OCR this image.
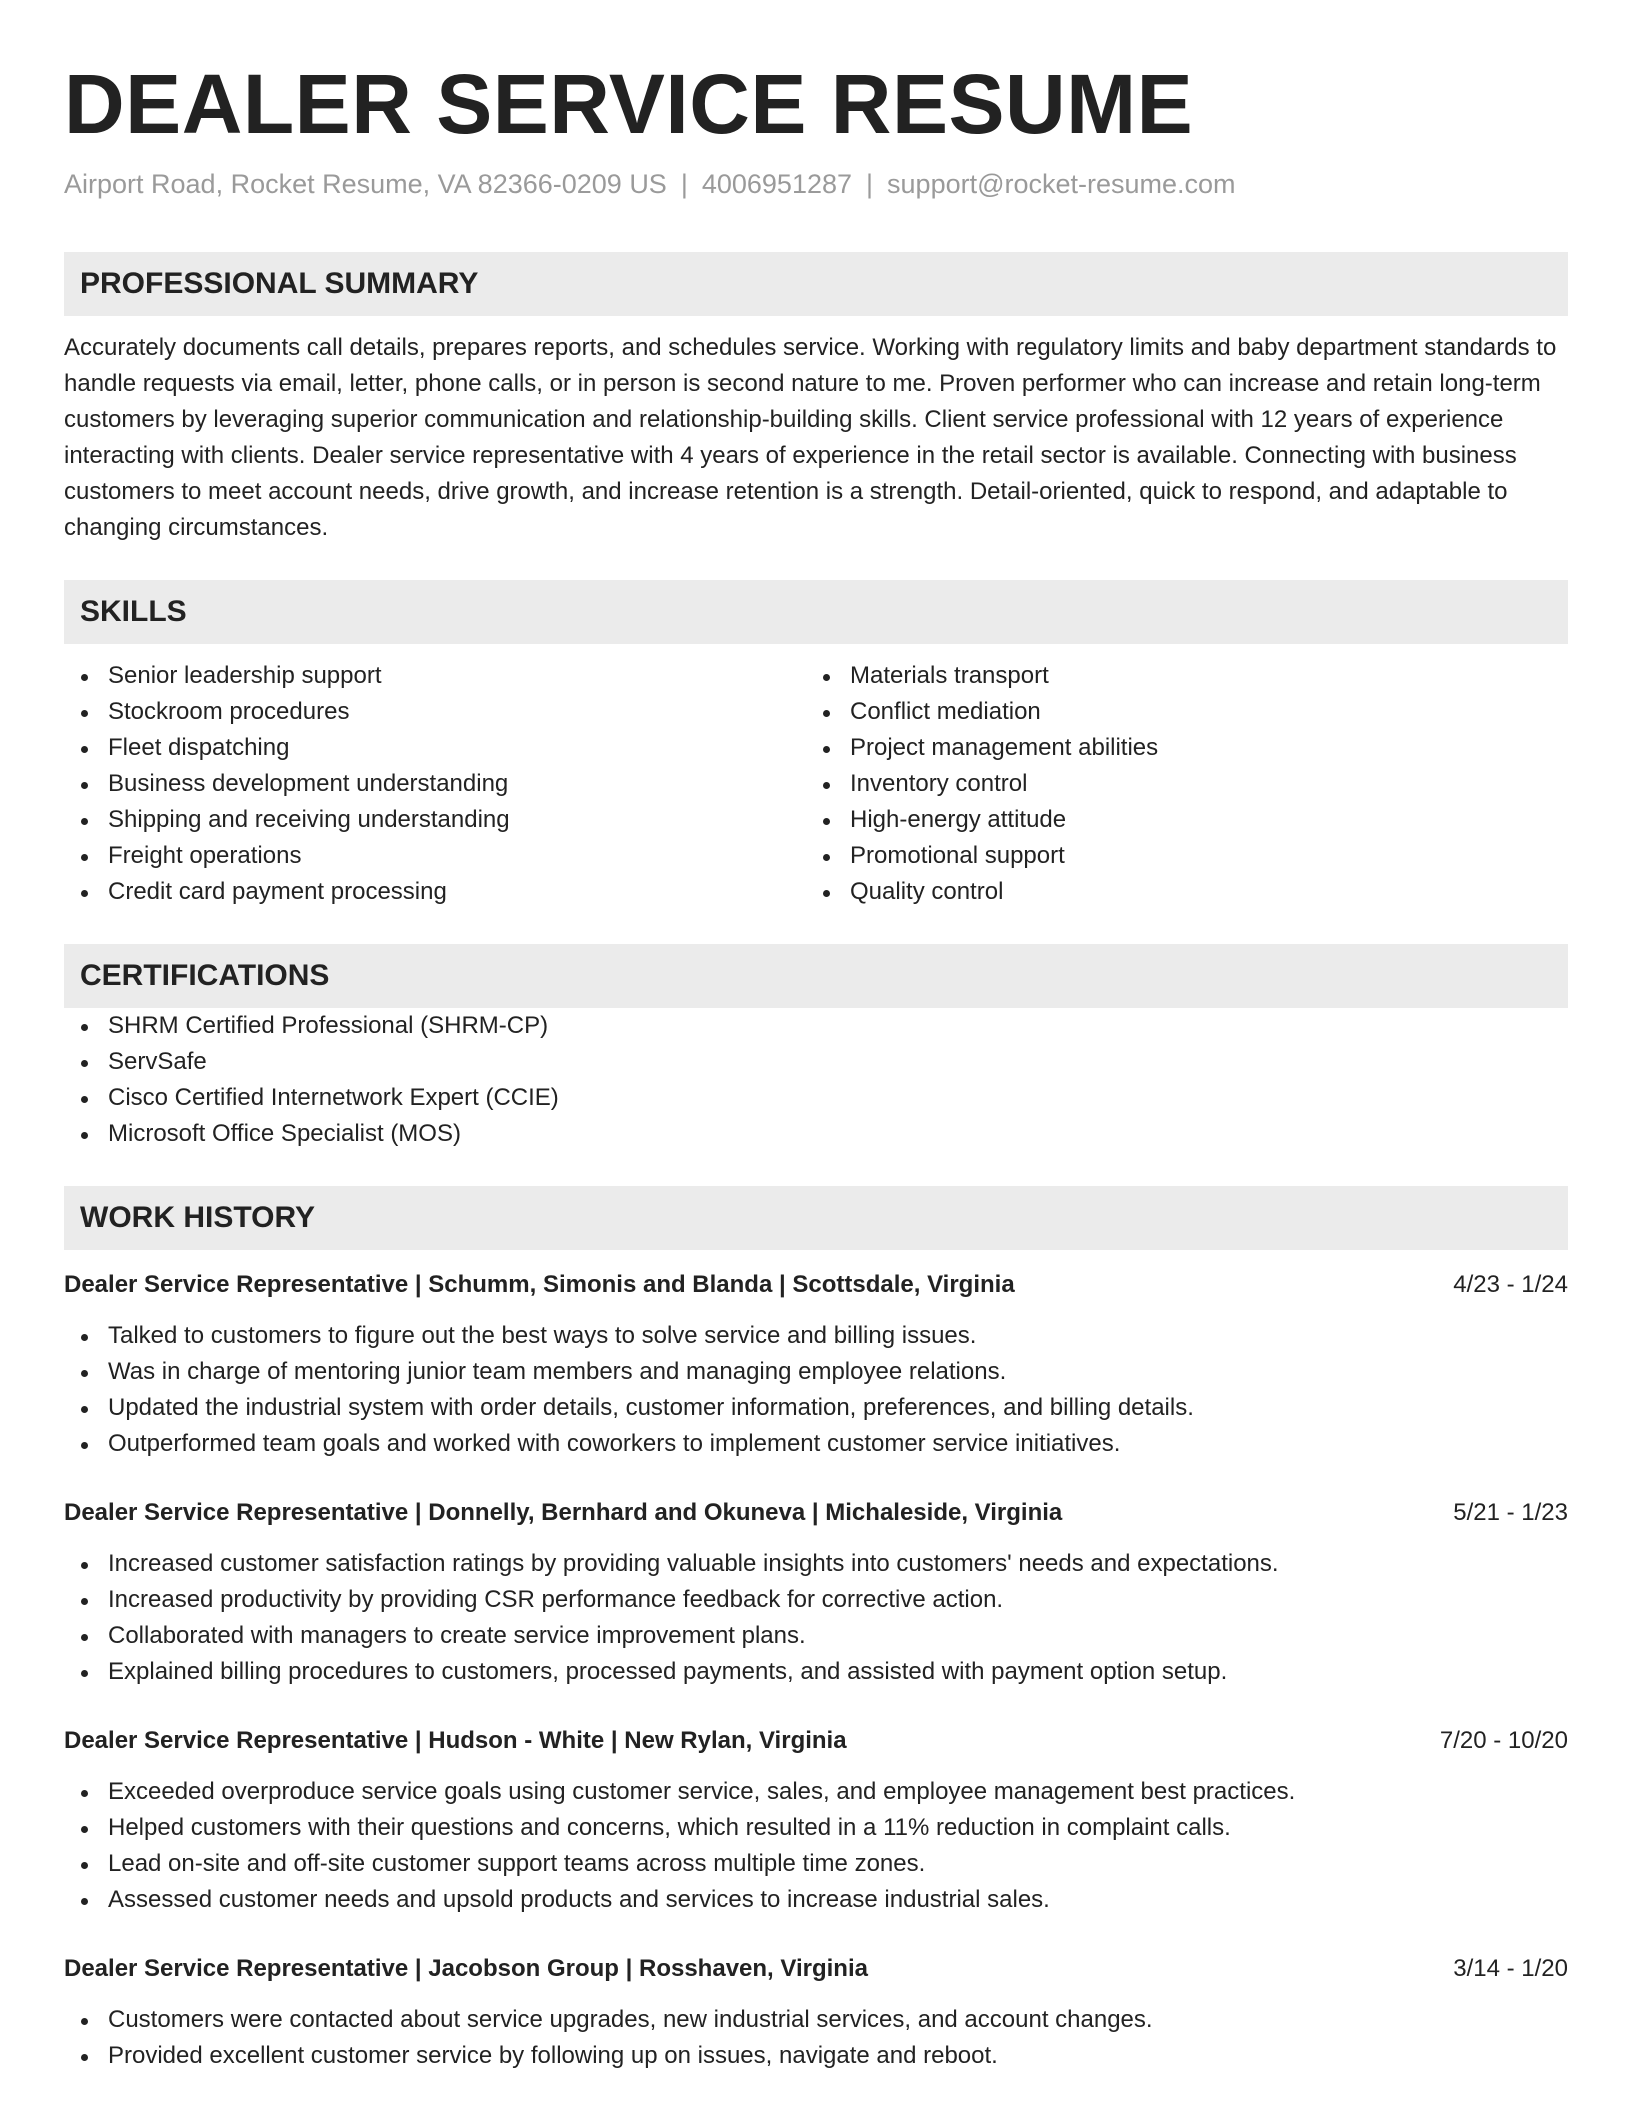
DEALER SERVICE RESUME
Airport Road, Rocket Resume, VA 82366-0209 US | 4006951287 | support@rocket-resume.com
PROFESSIONAL SUMMARY

Accurately documents call details, prepares reports, and schedules service. Working with regulatory limits and baby department standards to handle requests via email, letter, phone calls, or in person is second nature to me. Proven performer who can increase and retain long-term customers by leveraging superior communication and relationship-building skills. Client service professional with 12 years of experience interacting with clients. Dealer service representative with 4 years of experience in the retail sector is available. Connecting with business customers to meet account needs, drive growth, and increase retention is a strength. Detail-oriented, quick to respond, and adaptable to changing circumstances.

SKILLS
Senior leadership support
Stockroom procedures
Fleet dispatching
Business development understanding
Shipping and receiving understanding
Freight operations
Credit card payment processing
Materials transport
Conflict mediation
Project management abilities
Inventory control
High-energy attitude
Promotional support
Quality control
CERTIFICATIONS
SHRM Certified Professional (SHRM-CP)
ServSafe
Cisco Certified Internetwork Expert (CCIE)
Microsoft Office Specialist (MOS)
WORK HISTORY
Dealer Service Representative | Schumm, Simonis and Blanda | Scottsdale, Virginia	4/23 - 1/24
Talked to customers to figure out the best ways to solve service and billing issues.
Was in charge of mentoring junior team members and managing employee relations.
Updated the industrial system with order details, customer information, preferences, and billing details.
Outperformed team goals and worked with coworkers to implement customer service initiatives.
Dealer Service Representative | Donnelly, Bernhard and Okuneva | Michaleside, Virginia	5/21 - 1/23
Increased customer satisfaction ratings by providing valuable insights into customers' needs and expectations.
Increased productivity by providing CSR performance feedback for corrective action.
Collaborated with managers to create service improvement plans.
Explained billing procedures to customers, processed payments, and assisted with payment option setup.
Dealer Service Representative | Hudson - White | New Rylan, Virginia	7/20 - 10/20
Exceeded overproduce service goals using customer service, sales, and employee management best practices.
Helped customers with their questions and concerns, which resulted in a 11% reduction in complaint calls.
Lead on-site and off-site customer support teams across multiple time zones.
Assessed customer needs and upsold products and services to increase industrial sales.
Dealer Service Representative | Jacobson Group | Rosshaven, Virginia	3/14 - 1/20
Customers were contacted about service upgrades, new industrial services, and account changes.
Provided excellent customer service by following up on issues, navigate and reboot.
